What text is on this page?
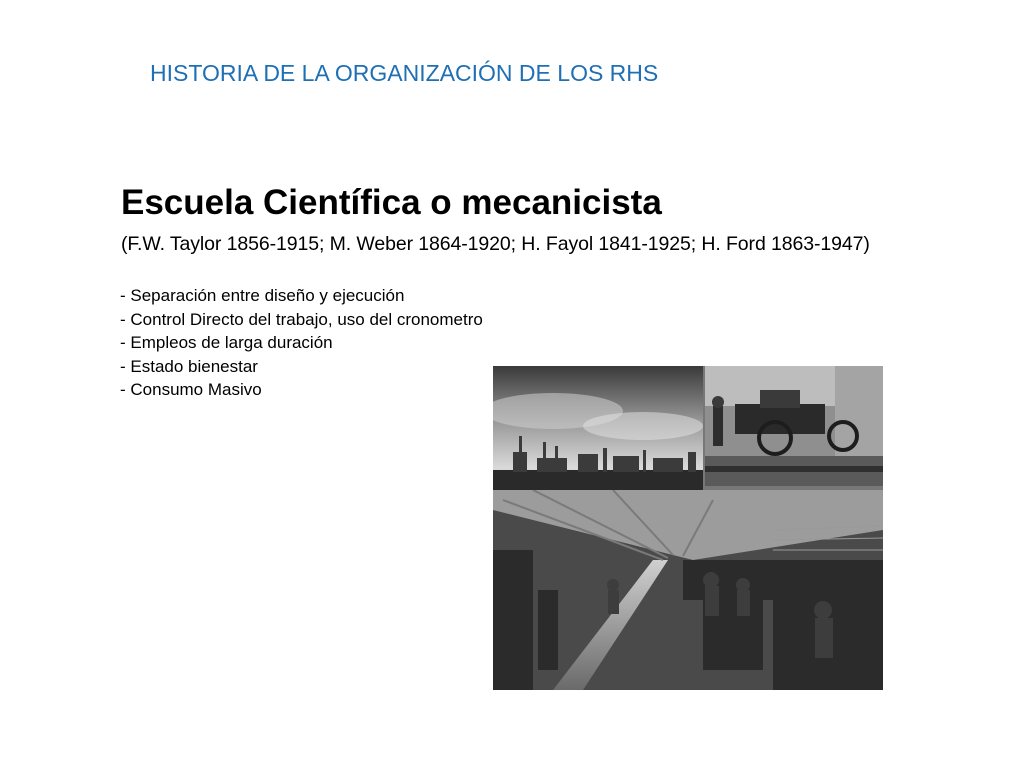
HISTORIA DE LA ORGANIZACIÓN DE LOS RHS
Escuela Científica o mecanicista
(F.W. Taylor 1856-1915; M. Weber 1864-1920; H. Fayol 1841-1925; H. Ford 1863-1947)
- Separación entre diseño y ejecución
- Control Directo del trabajo, uso del cronometro
- Empleos de larga duración
- Estado bienestar
- Consumo Masivo
